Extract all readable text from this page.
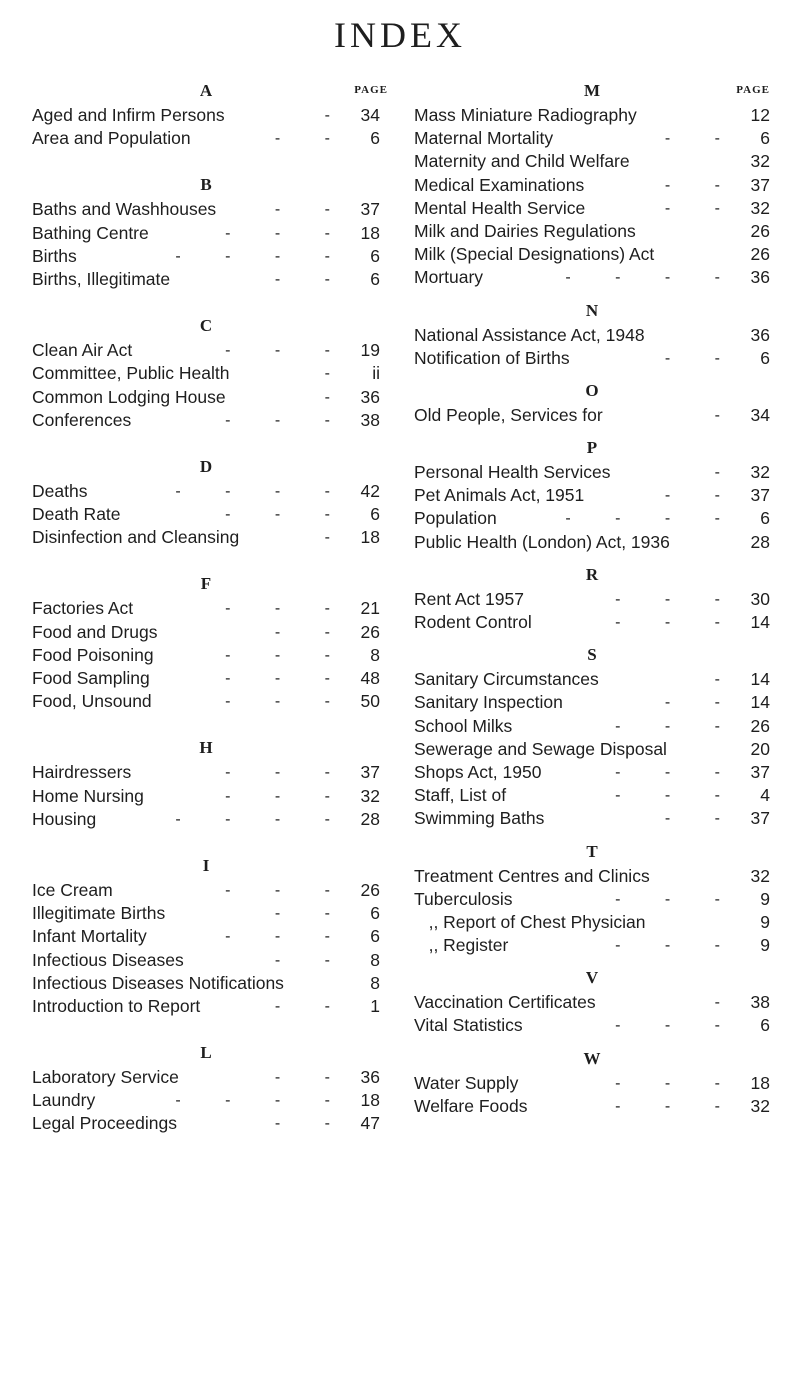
INDEX
PAGE
A
Aged and Infirm Persons	- 34
Area and Population	- - 6
B
Baths and Washhouses	- - 37
Bathing Centre	- - - 18
Births	- - - - 6
Births, Illegitimate	- - 6
C
Clean Air Act	- - - 19
Committee, Public Health	- ii
Common Lodging House	- 36
Conferences	- - - 38
D
Deaths	- - - - 42
Death Rate	- - - 6
Disinfection and Cleansing	- 18
F
Factories Act	- - - 21
Food and Drugs	- - 26
Food Poisoning	- - - 8
Food Sampling	- - - 48
Food, Unsound	- - - 50
H
Hairdressers	- - - 37
Home Nursing	- - - 32
Housing	- - - - 28
I
Ice Cream	- - - 26
Illegitimate Births	- - 6
Infant Mortality	- - - 6
Infectious Diseases	- - 8
Infectious Diseases Notifications	8
Introduction to Report	- - 1
L
Laboratory Service	- - 36
Laundry	- - - - 18
Legal Proceedings	- - 47
PAGE
M
Mass Miniature Radiography	12
Maternal Mortality	- - 6
Maternity and Child Welfare	32
Medical Examinations	- - 37
Mental Health Service	- - 32
Milk and Dairies Regulations	26
Milk (Special Designations) Act	26
Mortuary	- - - - 36
N
National Assistance Act, 1948	36
Notification of Births	- - 6
O
Old People, Services for	- 34
P
Personal Health Services	- 32
Pet Animals Act, 1951	- - 37
Population	- - - - 6
Public Health (London) Act, 1936	28
R
Rent Act 1957	- - - 30
Rodent Control	- - - 14
S
Sanitary Circumstances	- 14
Sanitary Inspection	- - 14
School Milks	- - - 26
Sewerage and Sewage Disposal	20
Shops Act, 1950	- - - 37
Staff, List of	- - - 4
Swimming Baths	- - 37
T
Treatment Centres and Clinics	32
Tuberculosis	- - - 9
,, Report of Chest Physician	9
,, Register	- - - 9
V
Vaccination Certificates	- 38
Vital Statistics	- - - 6
W
Water Supply	- - - 18
Welfare Foods	- - - 32
